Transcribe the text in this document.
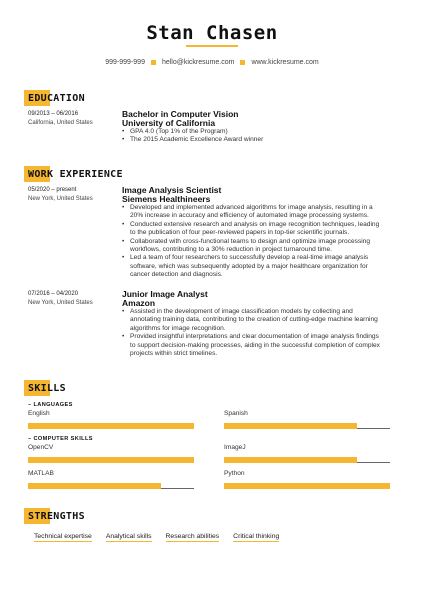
Stan Chasen
999-999-999 hello@kickresume.com www.kickresume.com
EDUCATION
09/2013 – 06/2016
California, United States
Bachelor in Computer Vision
University of California
• GPA 4.0 (Top 1% of the Program)
• The 2015 Academic Excellence Award winner
WORK EXPERIENCE
05/2020 – present
New York, United States
Image Analysis Scientist
Siemens Healthineers
• Developed and implemented advanced algorithms for image analysis, resulting in a 20% increase in accuracy and efficiency of automated image processing systems.
• Conducted extensive research and analysis on image recognition techniques, leading to the publication of four peer-reviewed papers in top-tier scientific journals.
• Collaborated with cross-functional teams to design and optimize image processing workflows, contributing to a 30% reduction in project turnaround time.
• Led a team of four researchers to successfully develop a real-time image analysis software, which was subsequently adopted by a major healthcare organization for cancer detection and diagnosis.
07/2016 – 04/2020
New York, United States
Junior Image Analyst
Amazon
• Assisted in the development of image classification models by collecting and annotating training data, contributing to the creation of cutting-edge machine learning algorithms for image recognition.
• Provided insightful interpretations and clear documentation of image analysis findings to support decision-making processes, aiding in the successful completion of complex projects within strict timelines.
SKILLS
– LANGUAGES
English	Spanish
– COMPUTER SKILLS
OpenCV	ImageJ
MATLAB	Python
STRENGTHS
Technical expertise Analytical skills Research abilities Critical thinking
